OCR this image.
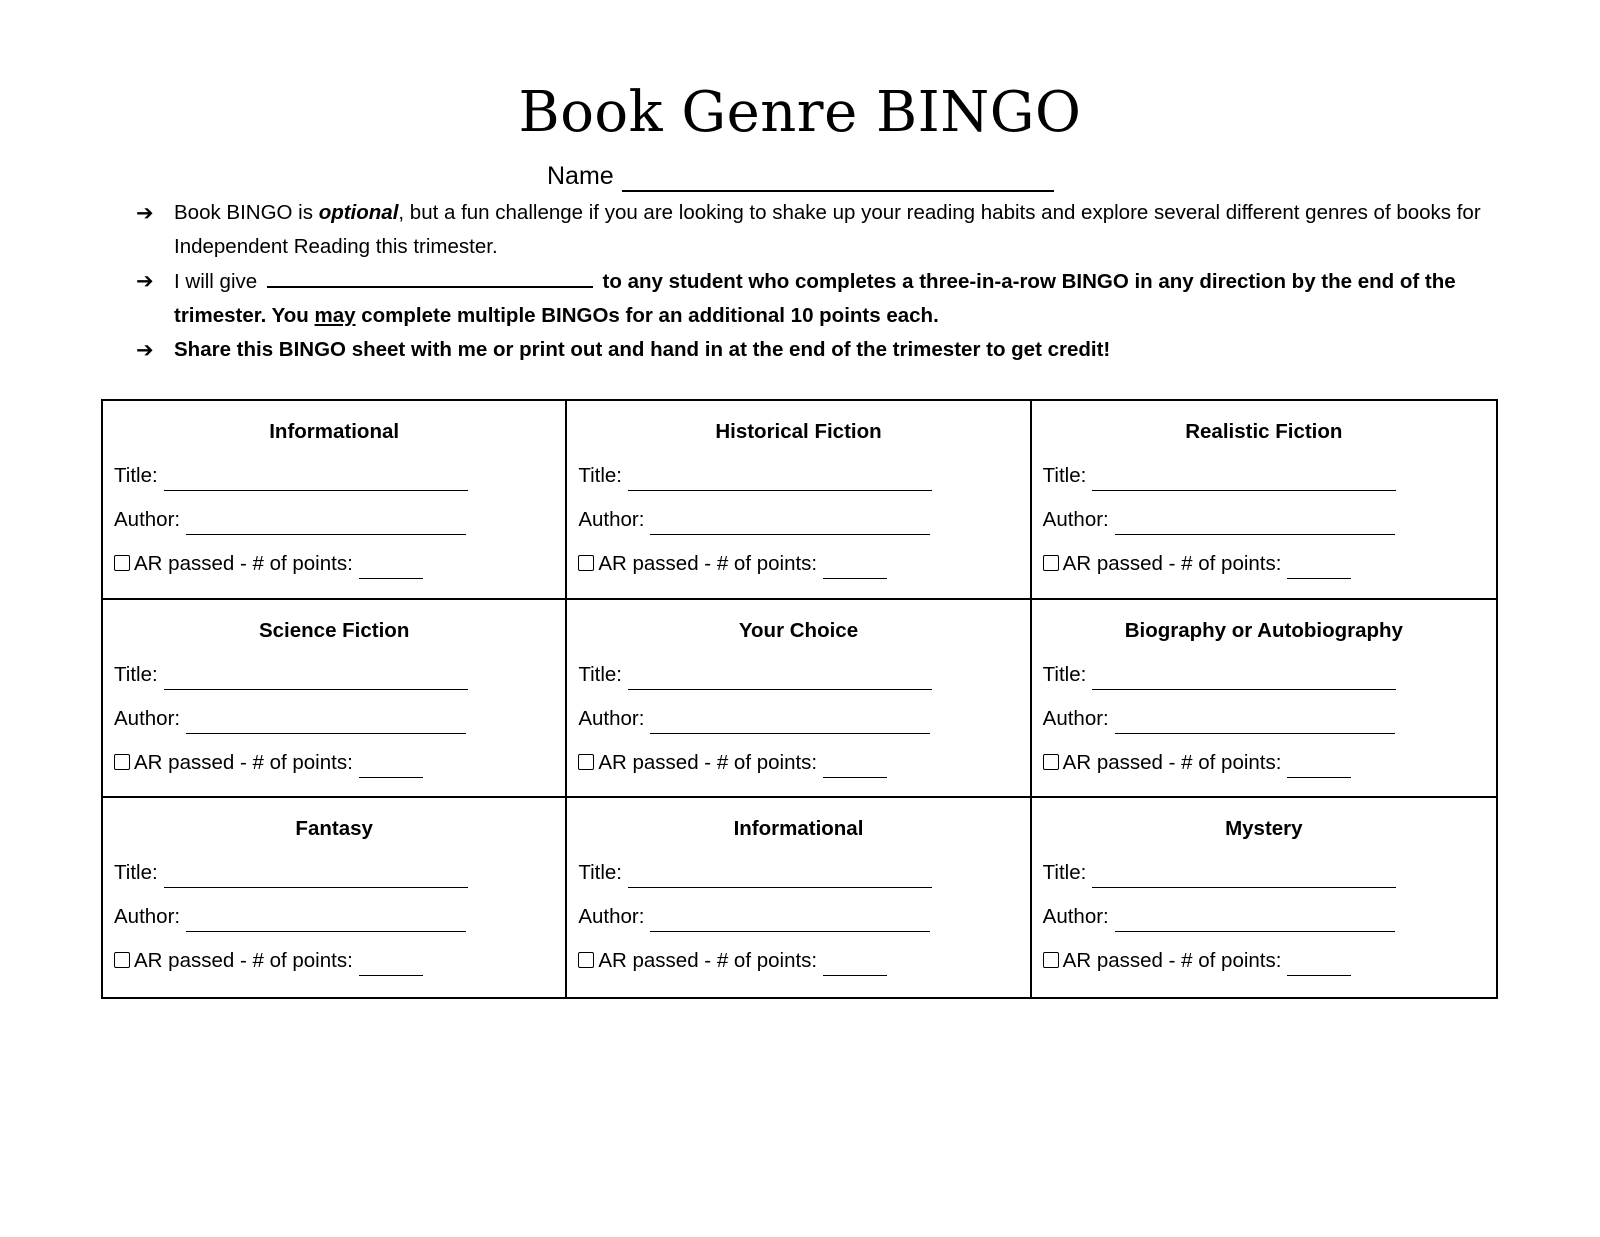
Book Genre BINGO
Name
➔ Book BINGO is optional, but a fun challenge if you are looking to shake up your reading habits and explore several different genres of books for Independent Reading this trimester.
➔ I will give	to any student who completes a three-in-a-row BINGO in any direction by the end of the trimester. You may complete multiple BINGOs for an additional 10 points each.
➔ Share this BINGO sheet with me or print out and hand in at the end of the trimester to get credit!
Informational
Title:
Author:
AR passed - # of points:
Historical Fiction
Title:
Author:
AR passed - # of points:
Realistic Fiction
Title:
Author:
AR passed - # of points:
Science Fiction
Title:
Author:
AR passed - # of points:
Your Choice
Title:
Author:
AR passed - # of points:
Biography or Autobiography
Title:
Author:
AR passed - # of points:
Fantasy
Title:
Author:
AR passed - # of points:
Informational
Title:
Author:
AR passed - # of points:
Mystery
Title:
Author:
AR passed - # of points:
